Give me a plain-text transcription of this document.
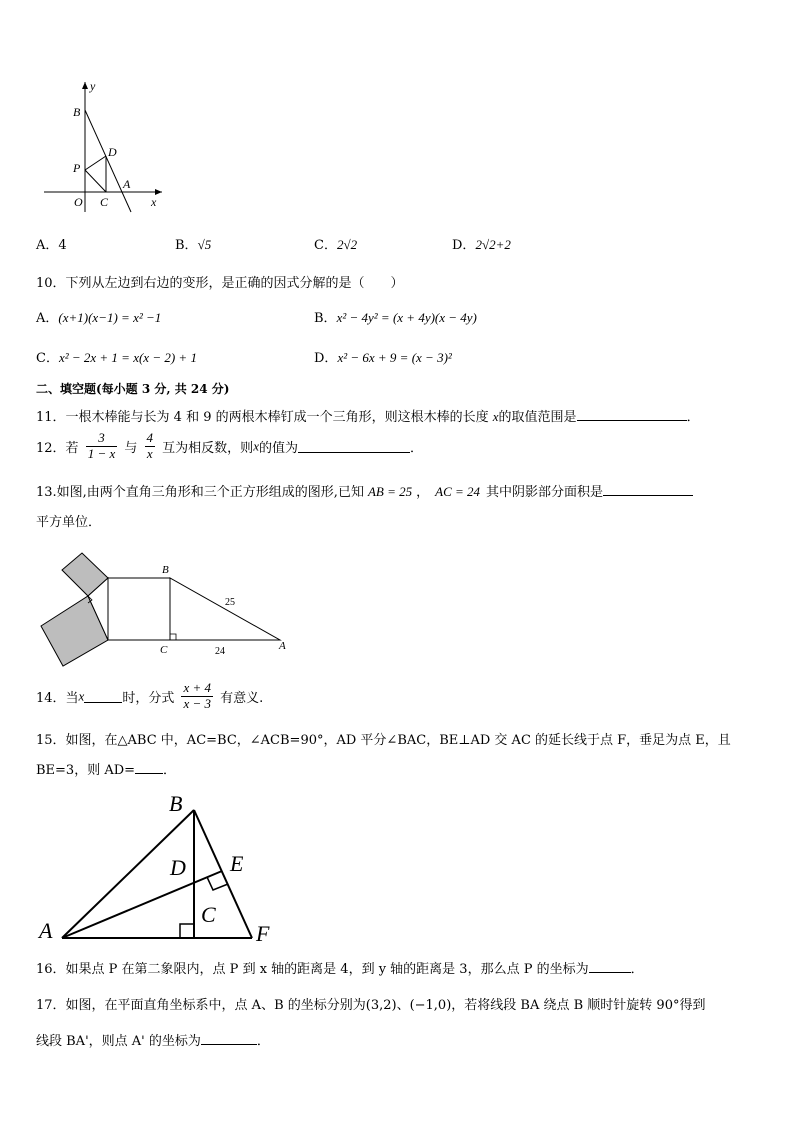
y
x
B
P
D
A
O C
A．4	B．√5	C．2√2	D．2√2+2
10．下列从左边到右边的变形，是正确的因式分解的是（　　）
A．(x+1)(x−1) = x² −1	B．x² − 4y² = (x + 4y)(x − 4y)
C．x² − 2x + 1 = x(x − 2) + 1	D．x² − 6x + 9 = (x − 3)²
二、填空题(每小题 3 分, 共 24 分)
11．一根木棒能与长为 4 和 9 的两根木棒钉成一个三角形，则这根木棒的长度 x的取值范围是	．
12．若 $\frac{3}{1 - x}$ 与 $\frac{4}{x}$ 互为相反数，则x的值为	．
13.如图,由两个直角三角形和三个正方形组成的图形,已知 AB = 25 ， AC = 24 其中阴影部分面积是
平方单位．
B
C	A
25
24
14．当x	时，分式 $\frac{x + 4}{x - 3}$ 有意义.
15．如图，在△ABC 中，AC=BC，∠ACB=90°，AD 平分∠BAC，BE⊥AD 交 AC 的延长线于点 F，垂足为点 E，且
BE=3，则 AD= ．
B
D E
C
A	F
16．如果点 P 在第二象限内，点 P 到 x 轴的距离是 4，到 y 轴的距离是 3，那么点 P 的坐标为	．
17．如图，在平面直角坐标系中，点 A、B 的坐标分别为(3,2)、(−1,0)，若将线段 BA 绕点 B 顺时针旋转 90°得到
线段 BA'，则点 A' 的坐标为	．
